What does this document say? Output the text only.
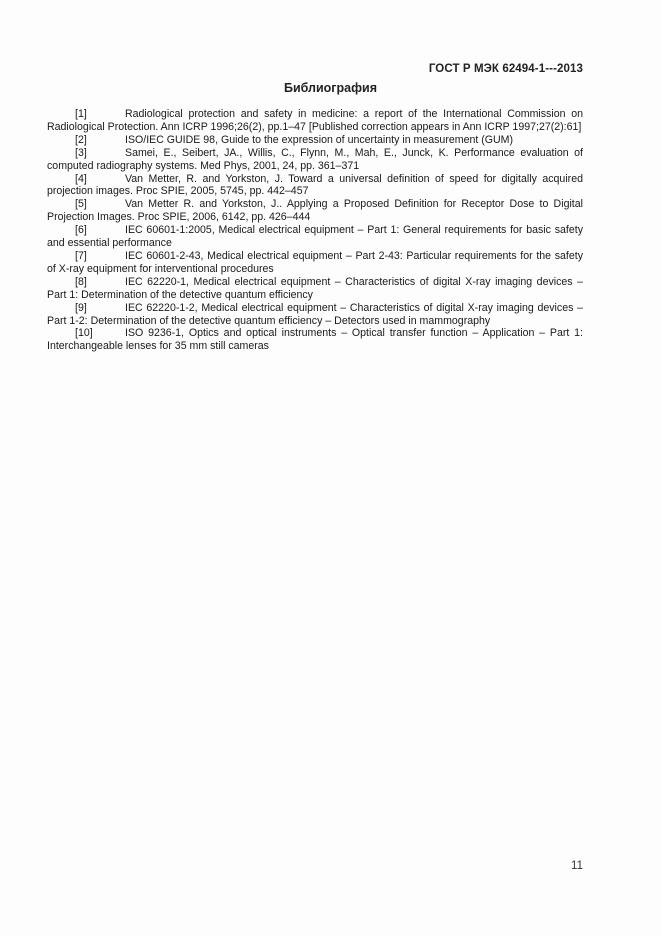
ГОСТ Р МЭК 62494-1---2013
Библиография

[1]	Radiological protection and safety in medicine: a report of the International Commission on Radiological Protection. Ann ICRP 1996;26(2), pp.1–47 [Published correction appears in Ann ICRP 1997;27(2):61]

[2]	ISO/IEC GUIDE 98, Guide to the expression of uncertainty in measurement (GUM)

[3]	Samei, E., Seibert, JA., Willis, C., Flynn, M., Mah, E., Junck, K. Performance evaluation of computed radiography systems. Med Phys, 2001, 24, pp. 361–371

[4]	Van Metter, R. and Yorkston, J. Toward a universal definition of speed for digitally acquired projection images. Proc SPIE, 2005, 5745, pp. 442–457

[5]	Van Metter R. and Yorkston, J.. Applying a Proposed Definition for Receptor Dose to Digital Projection Images. Proc SPIE, 2006, 6142, pp. 426–444

[6]	IEC 60601-1:2005, Medical electrical equipment – Part 1: General requirements for basic safety and essential performance

[7]	IEC 60601-2-43, Medical electrical equipment – Part 2-43: Particular requirements for the safety of X-ray equipment for interventional procedures

[8]	IEC 62220-1, Medical electrical equipment – Characteristics of digital X-ray imaging devices – Part 1: Determination of the detective quantum efficiency

[9]	IEC 62220-1-2, Medical electrical equipment – Characteristics of digital X-ray imaging devices – Part 1-2: Determination of the detective quantum efficiency – Detectors used in mammography

[10]	ISO 9236-1, Optics and optical instruments – Optical transfer function – Application – Part 1: Interchangeable lenses for 35 mm still cameras

11
